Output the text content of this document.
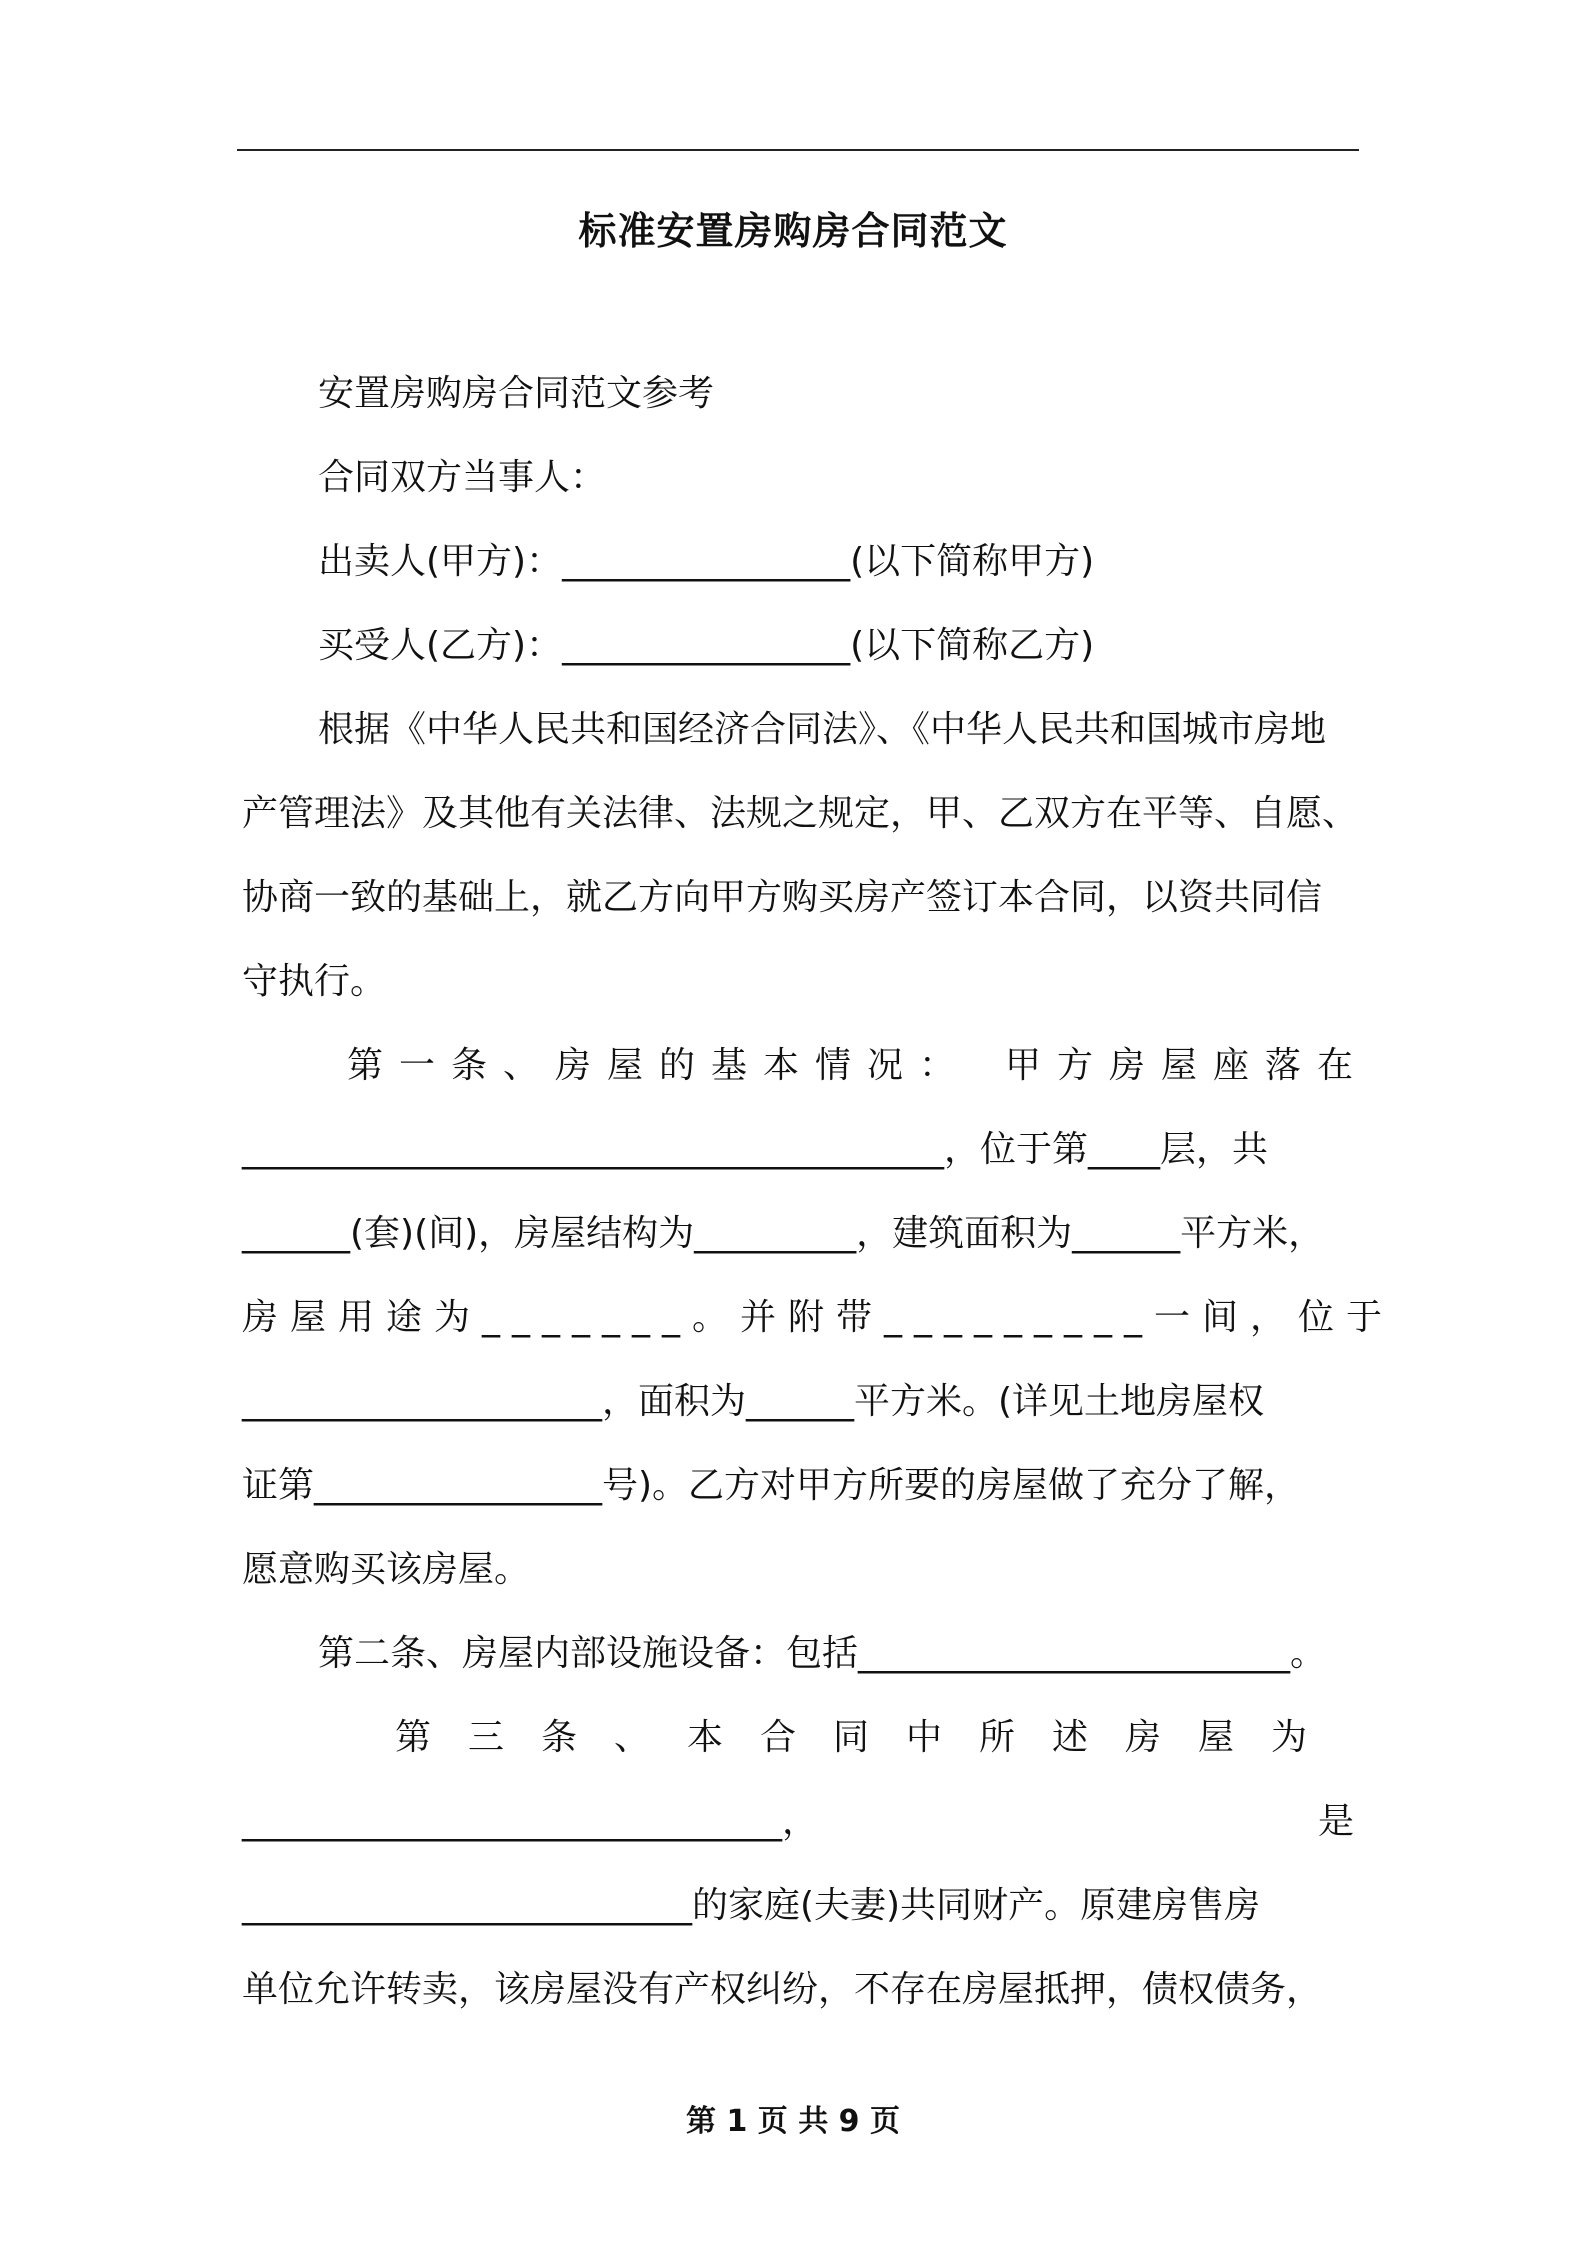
标准安置房购房合同范文
安置房购房合同范文参考
合同双方当事人：
出卖人(甲方)：________________(以下简称甲方)
买受人(乙方)：________________(以下简称乙方)
根据《中华人民共和国经济合同法》、《中华人民共和国城市房地
产管理法》及其他有关法律、法规之规定，甲、乙双方在平等、自愿、
协商一致的基础上，就乙方向甲方购买房产签订本合同，以资共同信
守执行。
第一条、房屋的基本情况：　甲方房屋座落在
_______________________________________，位于第____层，共
______(套)(间)，房屋结构为_________，建筑面积为______平方米，
房屋用途为_______。并附带_________一间，位于
____________________，面积为______平方米。(详见土地房屋权
证第________________号)。乙方对甲方所要的房屋做了充分了解，
愿意购买该房屋。
第二条、房屋内部设施设备：包括________________________。
第三条、本合同中所述房屋为
______________________________，	是
_________________________的家庭(夫妻)共同财产。原建房售房
单位允许转卖，该房屋没有产权纠纷，不存在房屋抵押，债权债务，
第 1 页 共 9 页
